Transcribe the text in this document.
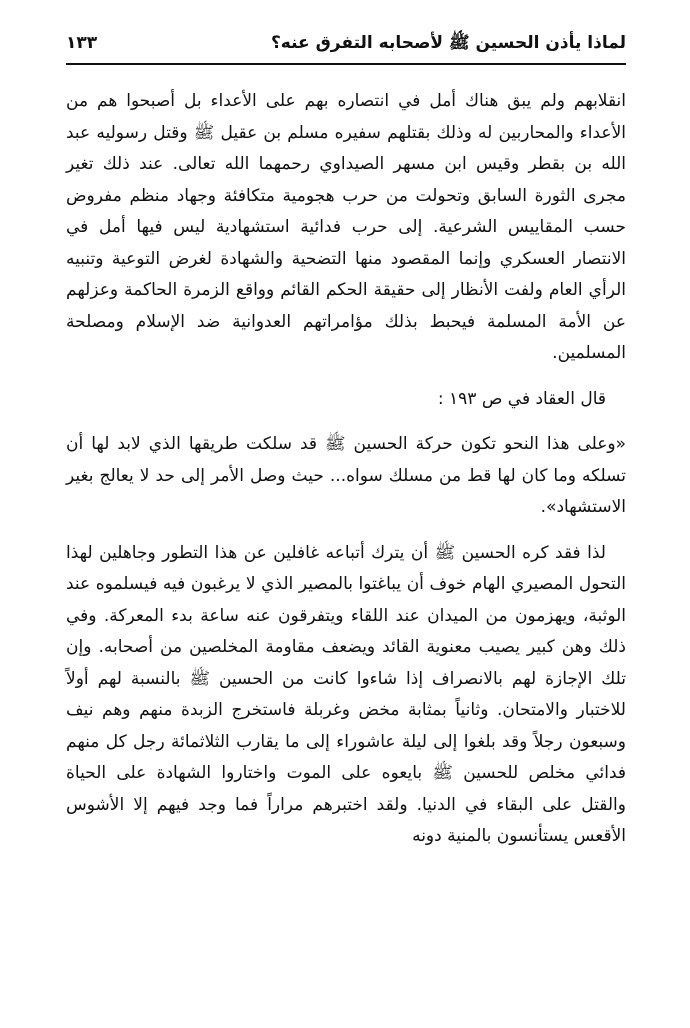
لماذا يأذن الحسين ﷺ لأصحابه التفرق عنه؟
١٣٣

انقلابهم ولم يبق هناك أمل في انتصاره بهم على الأعداء بل أصبحوا هم من الأعداء والمحاربين له وذلك بقتلهم سفيره مسلم بن عقيل ﷺ وقتل رسوليه عبد الله بن بقطر وقيس ابن مسهر الصيداوي رحمهما الله تعالى. عند ذلك تغير مجرى الثورة السابق وتحولت من حرب هجومية متكافئة وجهاد منظم مفروض حسب المقاييس الشرعية. إلى حرب فدائية استشهادية ليس فيها أمل في الانتصار العسكري وإنما المقصود منها التضحية والشهادة لغرض التوعية وتنبيه الرأي العام ولفت الأنظار إلى حقيقة الحكم القائم وواقع الزمرة الحاكمة وعزلهم عن الأمة المسلمة فيحبط بذلك مؤامراتهم العدوانية ضد الإسلام ومصلحة المسلمين.

قال العقاد في ص ١٩٣ :

«وعلى هذا النحو تكون حركة الحسين ﷺ قد سلكت طريقها الذي لابد لها أن تسلكه وما كان لها قط من مسلك سواه... حيث وصل الأمر إلى حد لا يعالج بغير الاستشهاد».

لذا فقد كره الحسين ﷺ أن يترك أتباعه غافلين عن هذا التطور وجاهلين لهذا التحول المصيري الهام خوف أن يباغتوا بالمصير الذي لا يرغبون فيه فيسلموه عند الوثبة، ويهزمون من الميدان عند اللقاء ويتفرقون عنه ساعة بدء المعركة. وفي ذلك وهن كبير يصيب معنوية القائد ويضعف مقاومة المخلصين من أصحابه. وإن تلك الإجازة لهم بالانصراف إذا شاءوا كانت من الحسين ﷺ بالنسبة لهم أولاً للاختبار والامتحان. وثانياً بمثابة مخض وغربلة فاستخرج الزبدة منهم وهم نيف وسبعون رجلاً وقد بلغوا إلى ليلة عاشوراء إلى ما يقارب الثلاثمائة رجل كل منهم فدائي مخلص للحسين ﷺ بايعوه على الموت واختاروا الشهادة على الحياة والقتل على البقاء في الدنيا. ولقد اختبرهم مراراً فما وجد فيهم إلا الأشوس الأقعس يستأنسون بالمنية دونه
